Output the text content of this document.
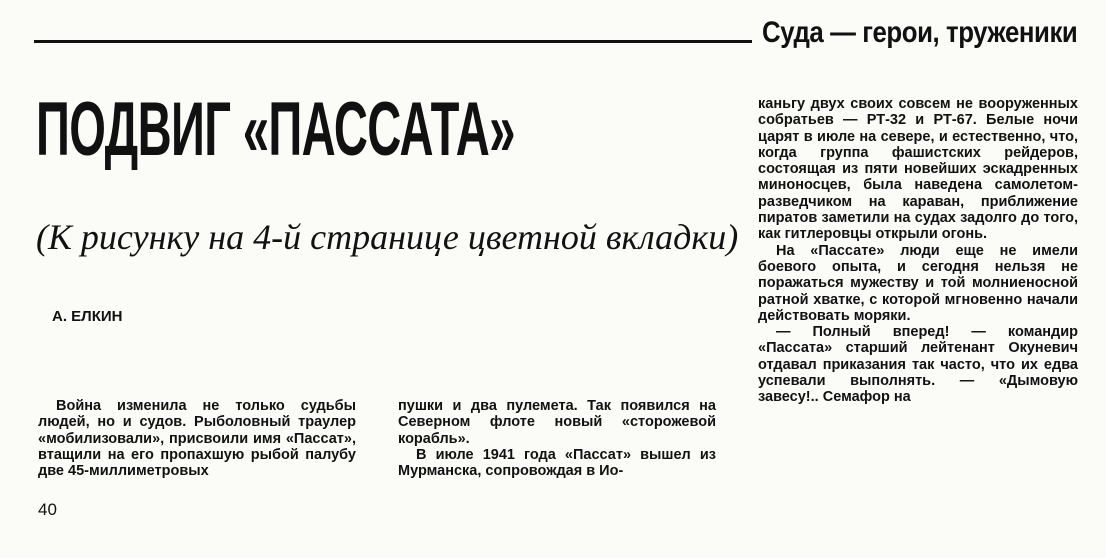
Суда — герои, труженики
ПОДВИГ «ПАССАТА»
(К рисунку на 4-й странице цветной вкладки)
А. ЕЛКИН

Война изменила не только судьбы людей, но и судов. Рыболовный траулер «мобилизовали», присвоили имя «Пассат», втащили на его пропахшую рыбой палубу две 45-миллиметровых

пушки и два пулемета. Так появился на Северном флоте новый «сторожевой корабль».

В июле 1941 года «Пассат» вышел из Мурманска, сопровождая в Ио-

каньгу двух своих совсем не вооруженных собратьев — РТ-32 и РТ-67. Белые ночи царят в июле на севере, и естественно, что, когда группа фашистских рейдеров, состоящая из пяти новейших эскадренных миноносцев, была наведена самолетом-разведчиком на караван, приближение пиратов заметили на судах задолго до того, как гитлеровцы открыли огонь.

На «Пассате» люди еще не имели боевого опыта, и сегодня нельзя не поражаться мужеству и той молниеносной ратной хватке, с которой мгновенно начали действовать моряки.

— Полный вперед! — командир «Пассата» старший лейтенант Окуневич отдавал приказания так часто, что их едва успевали выполнять. — «Дымовую завесу!.. Семафор на

40
